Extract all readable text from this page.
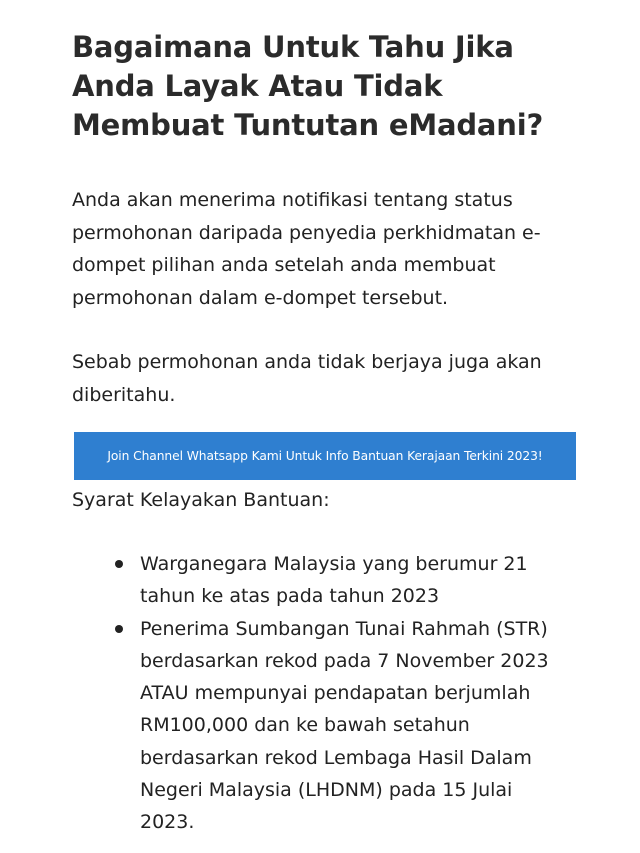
Bagaimana Untuk Tahu Jika Anda Layak Atau Tidak Membuat Tuntutan eMadani?

Anda akan menerima notifikasi tentang status permohonan daripada penyedia perkhidmatan e-dompet pilihan anda setelah anda membuat permohonan dalam e-dompet tersebut.

Sebab permohonan anda tidak berjaya juga akan diberitahu.

Join Channel Whatsapp Kami Untuk Info Bantuan Kerajaan Terkini 2023!

Syarat Kelayakan Bantuan:

Warganegara Malaysia yang berumur 21 tahun ke atas pada tahun 2023
Penerima Sumbangan Tunai Rahmah (STR) berdasarkan rekod pada 7 November 2023 ATAU mempunyai pendapatan berjumlah RM100,000 dan ke bawah setahun berdasarkan rekod Lembaga Hasil Dalam Negeri Malaysia (LHDNM) pada 15 Julai 2023.
